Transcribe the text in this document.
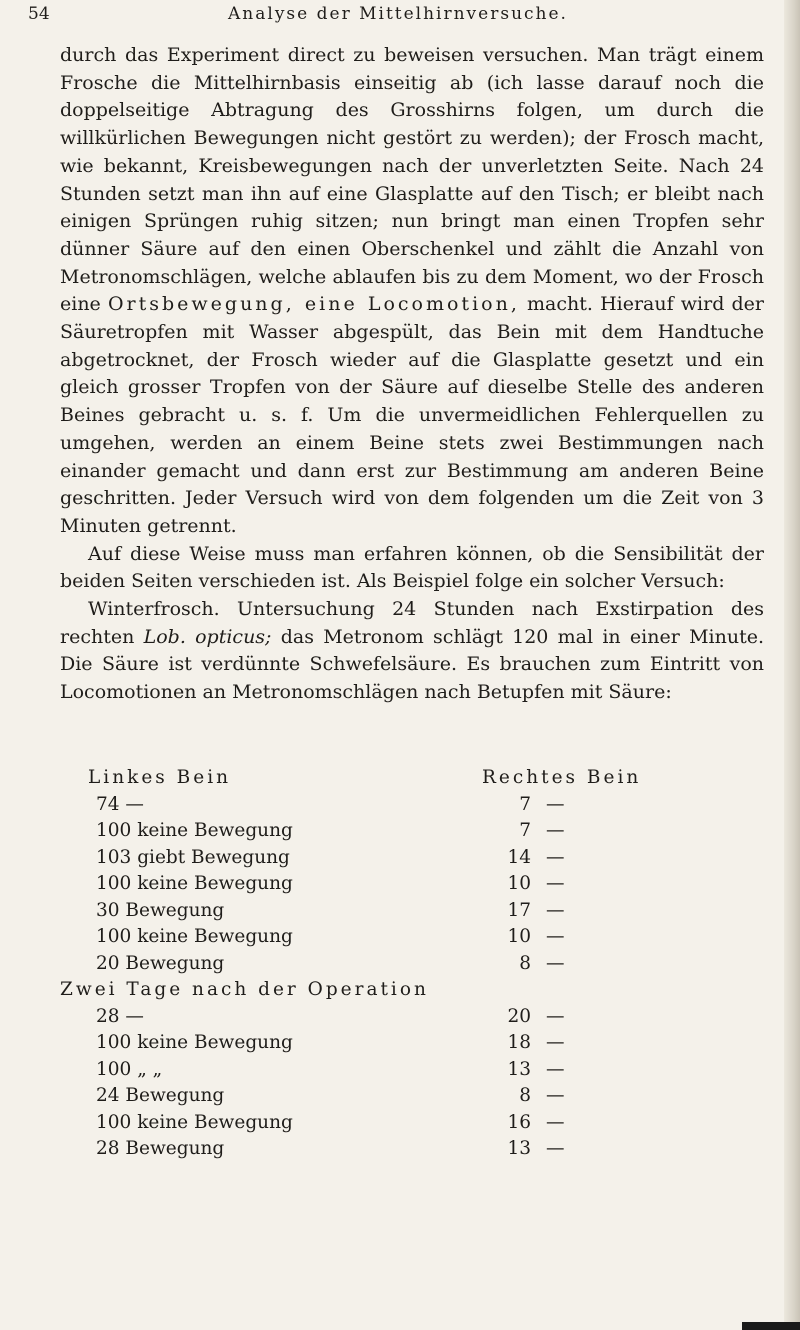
54	Analyse der Mittelhirnversuche.

durch das Experiment direct zu beweisen versuchen. Man trägt einem Frosche die Mittelhirnbasis einseitig ab (ich lasse darauf noch die doppelseitige Abtragung des Grosshirns folgen, um durch die willkürlichen Bewegungen nicht gestört zu werden); der Frosch macht, wie bekannt, Kreisbewegungen nach der unverletzten Seite. Nach 24 Stunden setzt man ihn auf eine Glasplatte auf den Tisch; er bleibt nach einigen Sprüngen ruhig sitzen; nun bringt man einen Tropfen sehr dünner Säure auf den einen Oberschenkel und zählt die Anzahl von Metronomschlägen, welche ablaufen bis zu dem Moment, wo der Frosch eine Ortsbewegung, eine Locomotion, macht. Hierauf wird der Säuretropfen mit Wasser abgespült, das Bein mit dem Handtuche abgetrocknet, der Frosch wieder auf die Glasplatte gesetzt und ein gleich grosser Tropfen von der Säure auf dieselbe Stelle des anderen Beines gebracht u. s. f. Um die unvermeidlichen Fehlerquellen zu umgehen, werden an einem Beine stets zwei Bestimmungen nach einander gemacht und dann erst zur Bestimmung am anderen Beine geschritten. Jeder Versuch wird von dem folgenden um die Zeit von 3 Minuten getrennt.

Auf diese Weise muss man erfahren können, ob die Sensibilität der beiden Seiten verschieden ist. Als Beispiel folge ein solcher Versuch:

Winterfrosch. Untersuchung 24 Stunden nach Exstirpation des rechten Lob. opticus; das Metronom schlägt 120 mal in einer Minute. Die Säure ist verdünnte Schwefelsäure. Es brauchen zum Eintritt von Locomotionen an Metronomschlägen nach Betupfen mit Säure:

Linkes Bein	Rechtes Bein
74 —	7 —
100 keine Bewegung	7 —
103 giebt Bewegung	14 —
100 keine Bewegung	10 —
30 Bewegung	17 —
100 keine Bewegung	10 —
20 Bewegung	8 —
Zwei Tage nach der Operation
28 —	20 —
100 keine Bewegung	18 —
100 „ „	13 —
24 Bewegung	8 —
100 keine Bewegung	16 —
28 Bewegung	13 —
